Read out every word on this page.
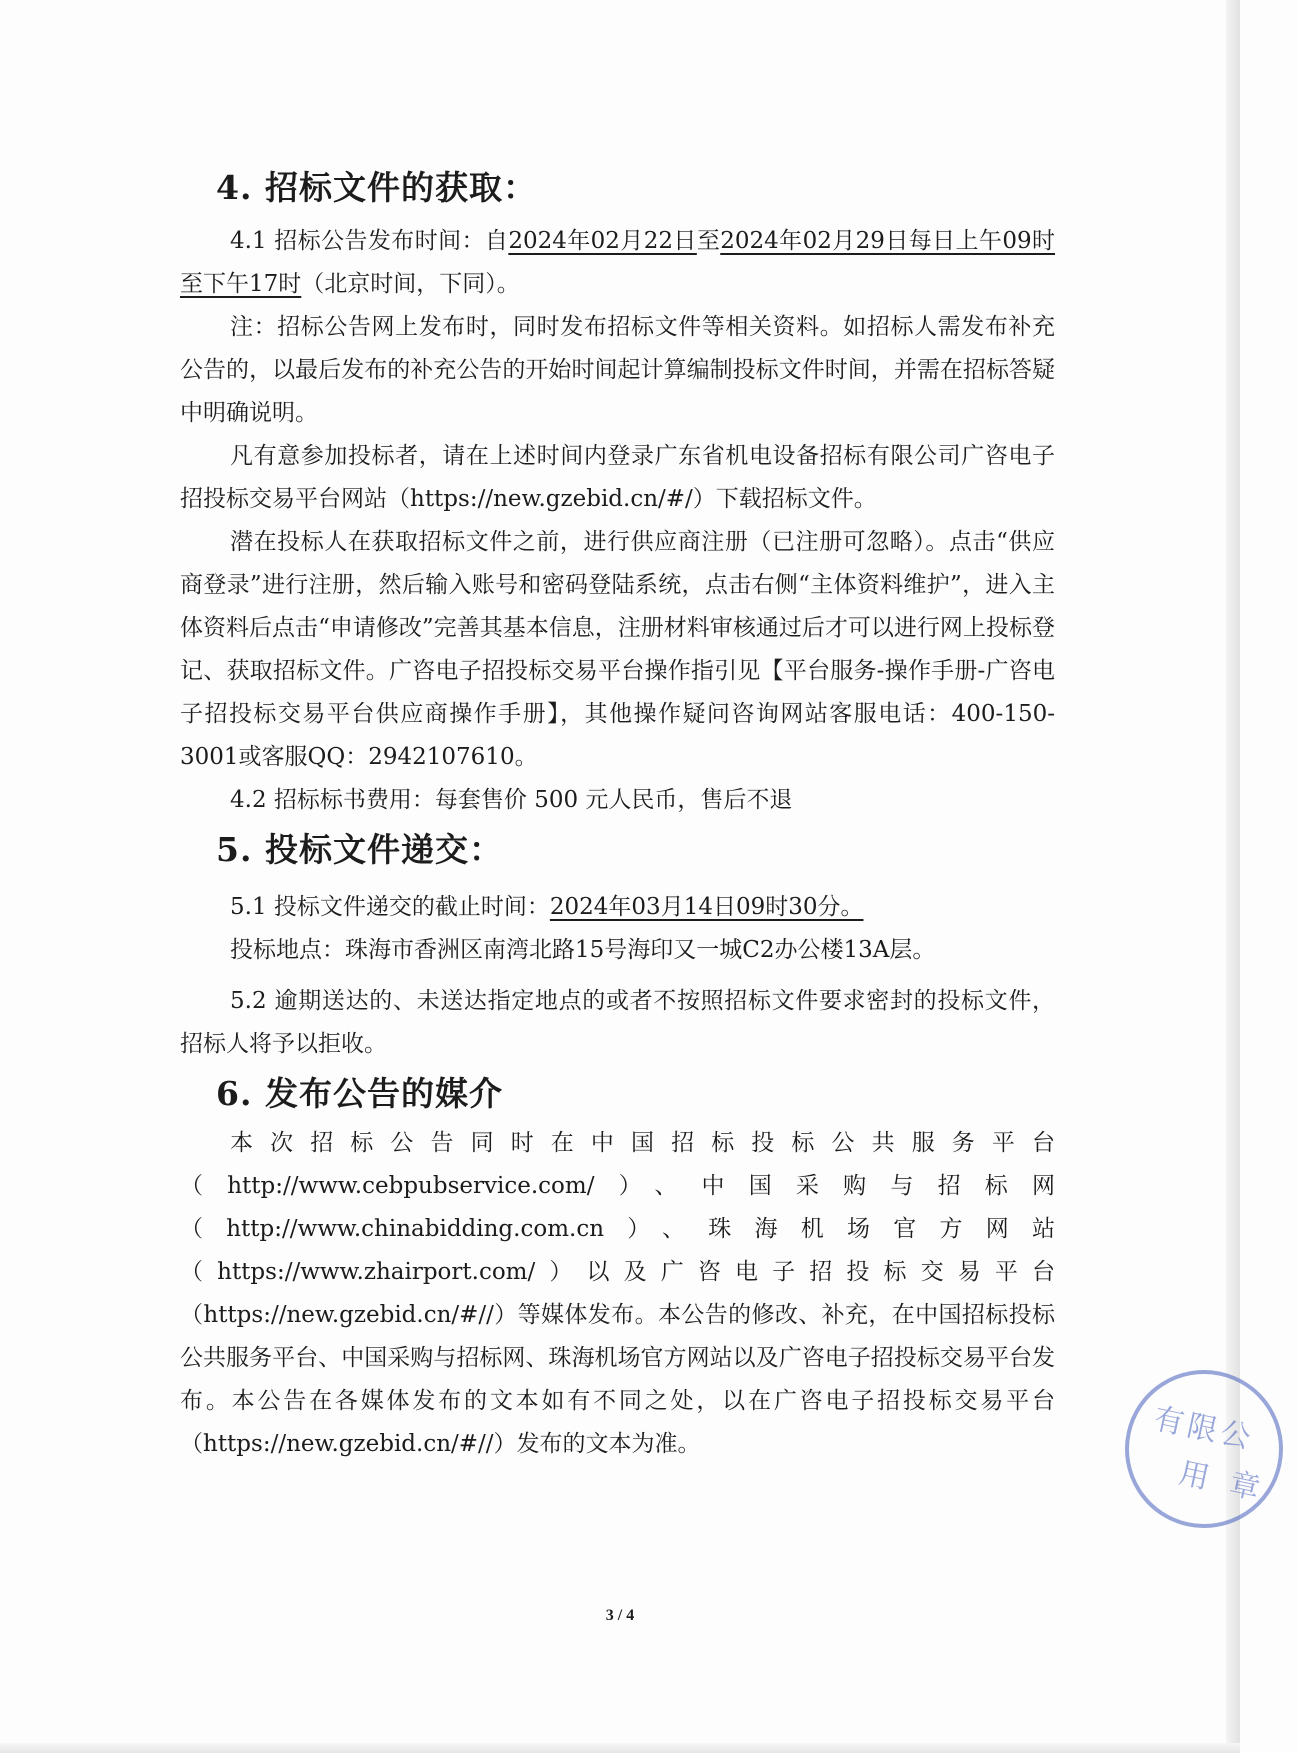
4. 招标文件的获取：

4.1 招标公告发布时间：自2024年02月22日至2024年02月29日每日上午09时至下午17时（北京时间，下同）。

注：招标公告网上发布时，同时发布招标文件等相关资料。如招标人需发布补充公告的，以最后发布的补充公告的开始时间起计算编制投标文件时间，并需在招标答疑中明确说明。

凡有意参加投标者，请在上述时间内登录广东省机电设备招标有限公司广咨电子招投标交易平台网站（https://new.gzebid.cn/#/）下载招标文件。

潜在投标人在获取招标文件之前，进行供应商注册（已注册可忽略）。点击“供应商登录”进行注册，然后输入账号和密码登陆系统，点击右侧“主体资料维护”，进入主体资料后点击“申请修改”完善其基本信息，注册材料审核通过后才可以进行网上投标登记、获取招标文件。广咨电子招投标交易平台操作指引见【平台服务-操作手册-广咨电子招投标交易平台供应商操作手册】，其他操作疑问咨询网站客服电话：400-150-3001或客服QQ：2942107610。

4.2 招标标书费用：每套售价 500 元人民币，售后不退

5. 投标文件递交：

5.1 投标文件递交的截止时间：2024年03月14日09时30分。

投标地点：珠海市香洲区南湾北路15号海印又一城C2办公楼13A层。

5.2 逾期送达的、未送达指定地点的或者不按照招标文件要求密封的投标文件，招标人将予以拒收。

6. 发布公告的媒介

本次招标公告同时在中国招标投标公共服务平台（http://www.cebpubservice.com/）、中国采购与招标网（http://www.chinabidding.com.cn）、珠海机场官方网站（https://www.zhairport.com/）以及广咨电子招投标交易平台（https://new.gzebid.cn/#//）等媒体发布。本公告的修改、补充，在中国招标投标公共服务平台、中国采购与招标网、珠海机场官方网站以及广咨电子招投标交易平台发布。本公告在各媒体发布的文本如有不同之处，以在广咨电子招投标交易平台（https://new.gzebid.cn/#//）发布的文本为准。

3 / 4
有限公
用 章
